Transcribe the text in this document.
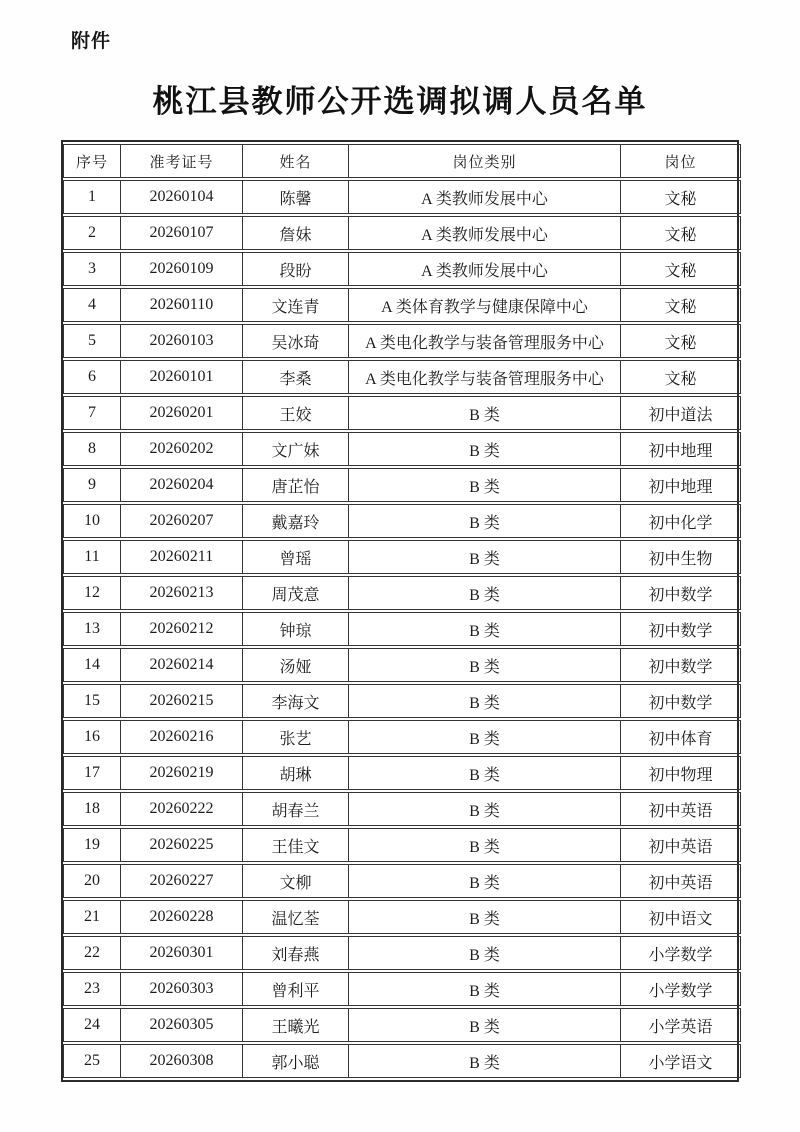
附件
桃江县教师公开选调拟调人员名单
序号	准考证号	姓名	岗位类别	岗位
1	20260104	陈馨	A 类教师发展中心	文秘
2	20260107	詹妹	A 类教师发展中心	文秘
3	20260109	段盼	A 类教师发展中心	文秘
4	20260110	文连青	A 类体育教学与健康保障中心	文秘
5	20260103	吴冰琦	A 类电化教学与装备管理服务中心	文秘
6	20260101	李桑	A 类电化教学与装备管理服务中心	文秘
7	20260201	王姣	B 类	初中道法
8	20260202	文广妹	B 类	初中地理
9	20260204	唐芷怡	B 类	初中地理
10	20260207	戴嘉玲	B 类	初中化学
11	20260211	曾瑶	B 类	初中生物
12	20260213	周茂意	B 类	初中数学
13	20260212	钟琼	B 类	初中数学
14	20260214	汤娅	B 类	初中数学
15	20260215	李海文	B 类	初中数学
16	20260216	张艺	B 类	初中体育
17	20260219	胡琳	B 类	初中物理
18	20260222	胡春兰	B 类	初中英语
19	20260225	王佳文	B 类	初中英语
20	20260227	文柳	B 类	初中英语
21	20260228	温忆荃	B 类	初中语文
22	20260301	刘春燕	B 类	小学数学
23	20260303	曾利平	B 类	小学数学
24	20260305	王曦光	B 类	小学英语
25	20260308	郭小聪	B 类	小学语文
